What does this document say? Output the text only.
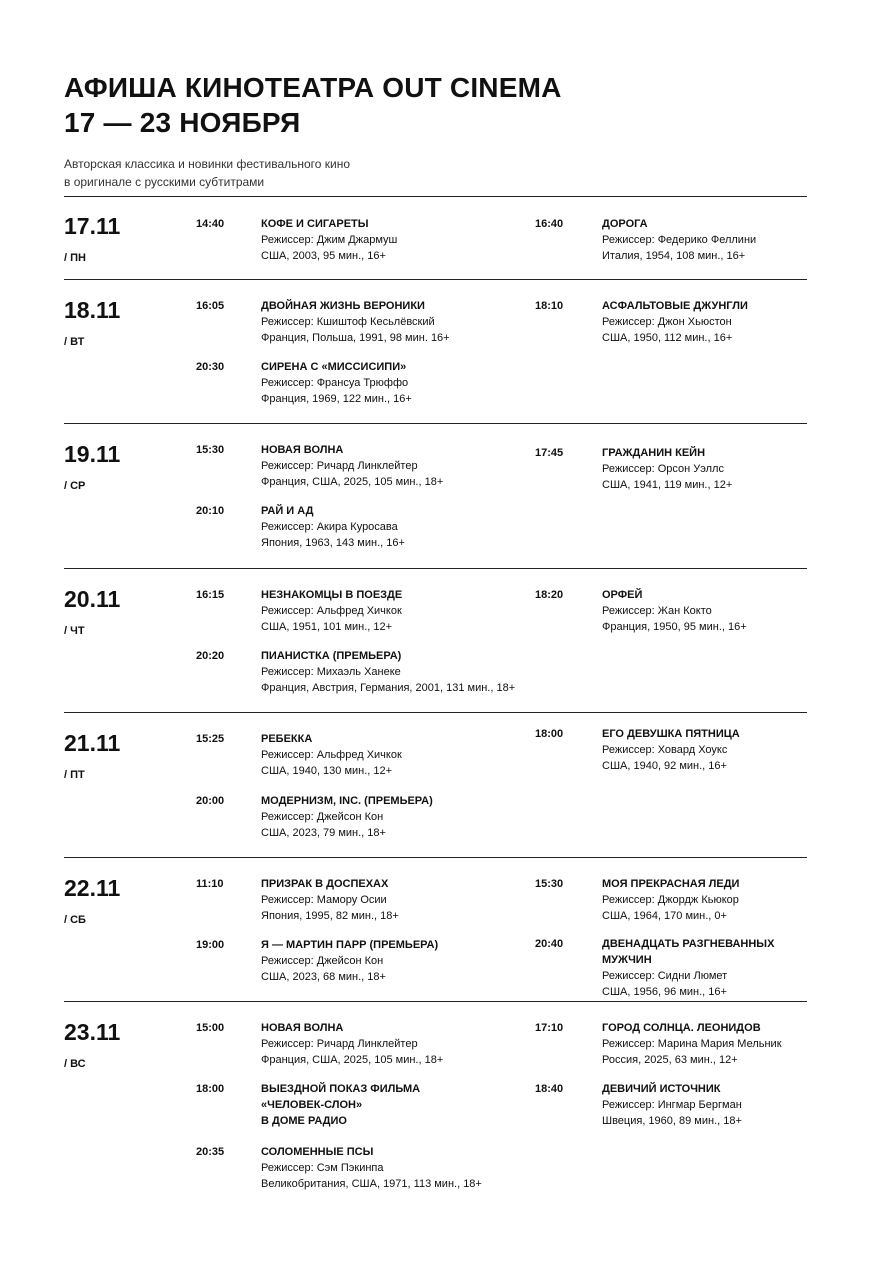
АФИША КИНОТЕАТРА OUT CINEMA
17 — 23 НОЯБРЯ
Авторская классика и новинки фестивального кино
в оригинале с русскими субтитрами
17.11
/ ПН
14:40	КОФЕ И СИГАРЕТЫ
Режиссер: Джим Джармуш
США, 2003, 95 мин., 16+
16:40	ДОРОГА
Режиссер: Федерико Феллини
Италия, 1954, 108 мин., 16+
18.11
/ ВТ
16:05	ДВОЙНАЯ ЖИЗНЬ ВЕРОНИКИ
Режиссер: Кшиштоф Кесьлёвский
Франция, Польша, 1991, 98 мин. 16+
18:10	АСФАЛЬТОВЫЕ ДЖУНГЛИ
Режиссер: Джон Хьюстон
США, 1950, 112 мин., 16+
20:30	СИРЕНА С «МИССИСИПИ»
Режиссер: Франсуа Трюффо
Франция, 1969, 122 мин., 16+
19.11
/ СР
15:30	НОВАЯ ВОЛНА
Режиссер: Ричард Линклейтер
Франция, США, 2025, 105 мин., 18+
17:45	ГРАЖДАНИН КЕЙН
Режиссер: Орсон Уэллс
США, 1941, 119 мин., 12+
20:10	РАЙ И АД
Режиссер: Акира Куросава
Япония, 1963, 143 мин., 16+
20.11
/ ЧТ
16:15	НЕЗНАКОМЦЫ В ПОЕЗДЕ
Режиссер: Альфред Хичкок
США, 1951, 101 мин., 12+
18:20	ОРФЕЙ
Режиссер: Жан Кокто
Франция, 1950, 95 мин., 16+
20:20	ПИАНИСТКА (ПРЕМЬЕРА)
Режиссер: Михаэль Ханеке
Франция, Австрия, Германия, 2001, 131 мин., 18+
21.11
/ ПТ
15:25	РЕБЕККА
Режиссер: Альфред Хичкок
США, 1940, 130 мин., 12+
18:00	ЕГО ДЕВУШКА ПЯТНИЦА
Режиссер: Ховард Хоукс
США, 1940, 92 мин., 16+
20:00	МОДЕРНИЗМ, INC. (ПРЕМЬЕРА)
Режиссер: Джейсон Кон
США, 2023, 79 мин., 18+
22.11
/ СБ
11:10	ПРИЗРАК В ДОСПЕХАХ
Режиссер: Мамору Осии
Япония, 1995, 82 мин., 18+
15:30	МОЯ ПРЕКРАСНАЯ ЛЕДИ
Режиссер: Джордж Кьюкор
США, 1964, 170 мин., 0+
19:00	Я — МАРТИН ПАРР (ПРЕМЬЕРА)
Режиссер: Джейсон Кон
США, 2023, 68 мин., 18+
20:40	ДВЕНАДЦАТЬ РАЗГНЕВАННЫХ
МУЖЧИН
Режиссер: Сидни Люмет
США, 1956, 96 мин., 16+
23.11
/ ВС
15:00	НОВАЯ ВОЛНА
Режиссер: Ричард Линклейтер
Франция, США, 2025, 105 мин., 18+
17:10	ГОРОД СОЛНЦА. ЛЕОНИДОВ
Режиссер: Марина Мария Мельник
Россия, 2025, 63 мин., 12+
18:00	ВЫЕЗДНОЙ ПОКАЗ ФИЛЬМА
«ЧЕЛОВЕК-СЛОН»
В ДОМЕ РАДИО
18:40	ДЕВИЧИЙ ИСТОЧНИК
Режиссер: Ингмар Бергман
Швеция, 1960, 89 мин., 18+
20:35	СОЛОМЕННЫЕ ПСЫ
Режиссер: Сэм Пэкинпа
Великобритания, США, 1971, 113 мин., 18+
